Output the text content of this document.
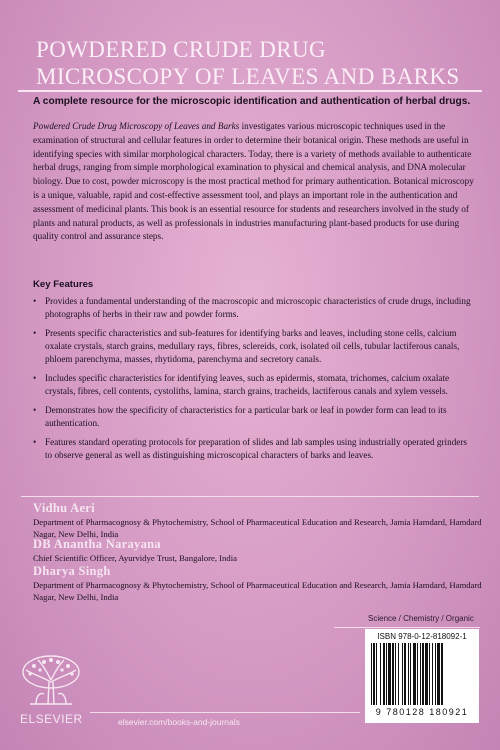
POWDERED CRUDE DRUG
MICROSCOPY OF LEAVES AND BARKS
A complete resource for the microscopic identification and authentication of herbal drugs.
Powdered Crude Drug Microscopy of Leaves and Barks investigates various microscopic techniques used in the examination of structural and cellular features in order to determine their botanical origin. These methods are useful in identifying species with similar morphological characters. Today, there is a variety of methods available to authenticate herbal drugs, ranging from simple morphological examination to physical and chemical analysis, and DNA molecular biology. Due to cost, powder microscopy is the most practical method for primary authentication. Botanical microscopy is a unique, valuable, rapid and cost-effective assessment tool, and plays an important role in the authentication and assessment of medicinal plants. This book is an essential resource for students and researchers involved in the study of plants and natural products, as well as professionals in industries manufacturing plant-based products for use during quality control and assurance steps.
Key Features
• Provides a fundamental understanding of the macroscopic and microscopic characteristics of crude drugs, including photographs of herbs in their raw and powder forms.
• Presents specific characteristics and sub-features for identifying barks and leaves, including stone cells, calcium oxalate crystals, starch grains, medullary rays, fibres, sclereids, cork, isolated oil cells, tubular lactiferous canals, phloem parenchyma, masses, rhytidoma, parenchyma and secretory canals.
• Includes specific characteristics for identifying leaves, such as epidermis, stomata, trichomes, calcium oxalate crystals, fibres, cell contents, cystoliths, lamina, starch grains, tracheids, lactiferous canals and xylem vessels.
• Demonstrates how the specificity of characteristics for a particular bark or leaf in powder form can lead to its authentication.
• Features standard operating protocols for preparation of slides and lab samples using industrially operated grinders to observe general as well as distinguishing microscopical characters of barks and leaves.
Vidhu Aeri
Department of Pharmacognosy & Phytochemistry, School of Pharmaceutical Education and Research, Jamia Hamdard, Hamdard Nagar, New Delhi, India
DB Anantha Narayana
Chief Scientific Officer, Ayurvidye Trust, Bangalore, India
Dharya Singh
Department of Pharmacognosy & Phytochemistry, School of Pharmaceutical Education and Research, Jamia Hamdard, Hamdard Nagar, New Delhi, India
Science / Chemistry / Organic
ISBN 978-0-12-818092-1
9 780128 180921
ELSEVIER	elsevier.com/books-and-journals
